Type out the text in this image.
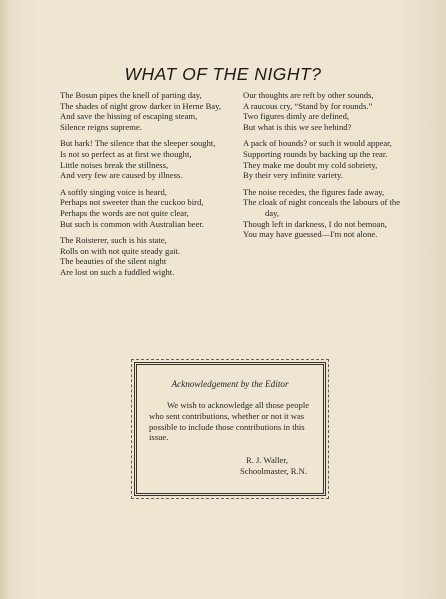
WHAT OF THE NIGHT?
The Bosun pipes the knell of parting day,
The shades of night grow darker in Herne Bay,
And save the hissing of escaping steam,
Silence reigns supreme.
But hark! The silence that the sleeper sought,
Is not so perfect as at first we thought,
Little noises break the stillness,
And very few are caused by illness.
A softly singing voice is heard,
Perhaps not sweeter than the cuckoo bird,
Perhaps the words are not quite clear,
But such is common with Australian beer.
The Roisterer, such is his state,
Rolls on with not quite steady gait.
The beauties of the silent night
Are lost on such a fuddled wight.
Our thoughts are reft by other sounds,
A raucous cry, “Stand by for rounds.”
Two figures dimly are defined,
But what is this we see behind?
A pack of hounds? or such it would appear,
Supporting rounds by backing up the rear.
They make me doubt my cold sobriety,
By their very infinite variety.
The noise recedes, the figures fade away,
The cloak of night conceals the labours of the day,
Though left in darkness, I do not bemoan,
You may have guessed—I'm not alone.
Acknowledgement by the Editor
We wish to acknowledge all those people who sent contributions, whether or not it was possible to include those contributions in this issue.
R. J. Waller,
Schoolmaster, R.N.
